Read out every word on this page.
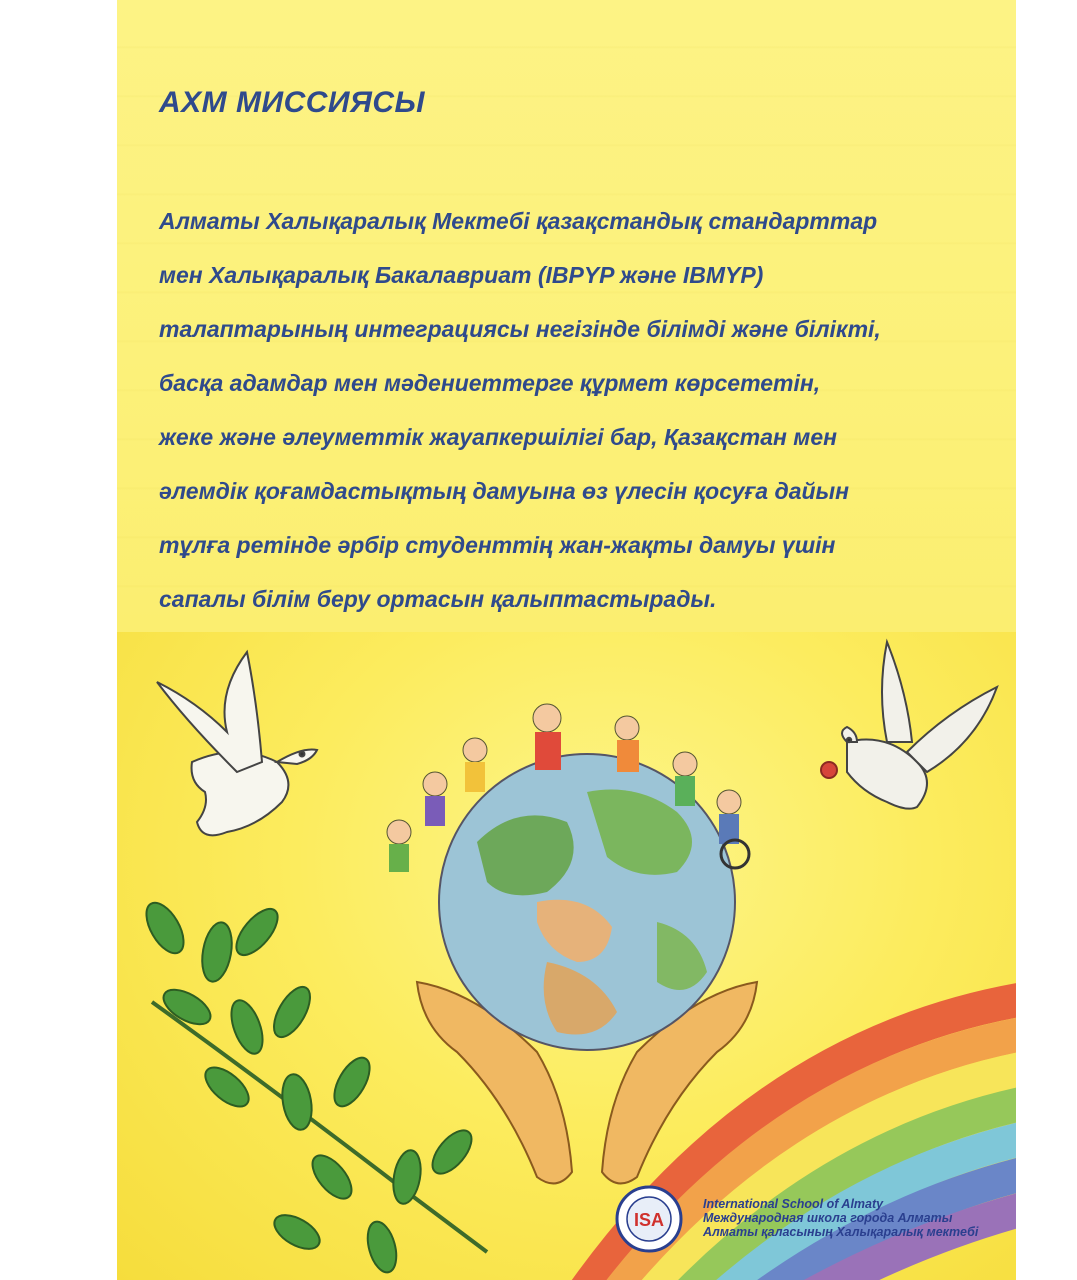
АХМ МИССИЯСЫ
Алматы Халықаралық Мектебі қазақстандық стандарттар
мен Халықаралық Бакалавриат (IBPYP және IBMYP)
талаптарының интеграциясы негізінде білімді және білікті,
басқа адамдар мен мәдениеттерге құрмет көрсететін,
жеке және әлеуметтік жауапкершілігі бар, Қазақстан мен
әлемдік қоғамдастықтың дамуына өз үлесін қосуға дайын
тұлға ретінде әрбір студенттің жан-жақты дамуы үшін
сапалы білім беру ортасын қалыптастырады.
ISA
International School of Almaty
Международная школа города Алматы
Алматы қаласының Халықаралық мектебі
